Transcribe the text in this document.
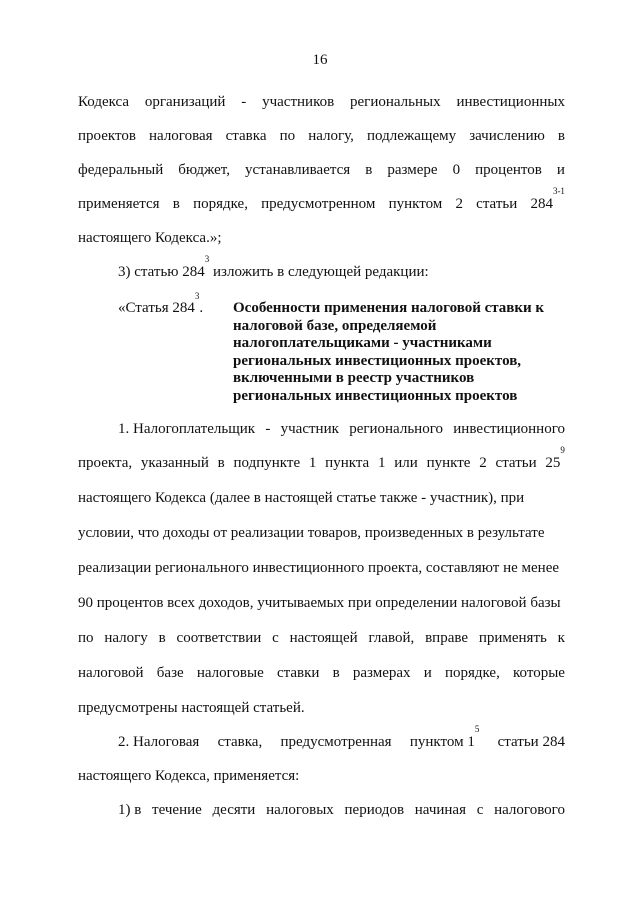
16
Кодекса организаций - участников региональных инвестиционных
проектов налоговая ставка по налогу, подлежащему зачислению в
федеральный бюджет, устанавливается в размере 0 процентов и
применяется в порядке, предусмотренном пунктом 2 статьи 284$^{3-1}$
настоящего Кодекса.»;
3) статью $284^3$ изложить в следующей редакции:
«Статья $284^3$. Особенности применения налоговой ставки к
налоговой базе, определяемой
налогоплательщиками - участниками
региональных инвестиционных проектов,
включенными в реестр участников
региональных инвестиционных проектов
1. Налогоплательщик - участник регионального инвестиционного
проекта, указанный в подпункте 1 пункта 1 или пункте 2 статьи $25^9$
настоящего Кодекса (далее в настоящей статье также - участник), при
условии, что доходы от реализации товаров, произведенных в результате
реализации регионального инвестиционного проекта, составляют не менее
90 процентов всех доходов, учитываемых при определении налоговой базы
по налогу в соответствии с настоящей главой, вправе применять к
налоговой базе налоговые ставки в размерах и порядке, которые
предусмотрены настоящей статьей.
2. Налоговая ставка, предусмотренная пунктом $1^5$
статьи 284
настоящего Кодекса, применяется:
1) в течение десяти налоговых периодов начиная с налогового
